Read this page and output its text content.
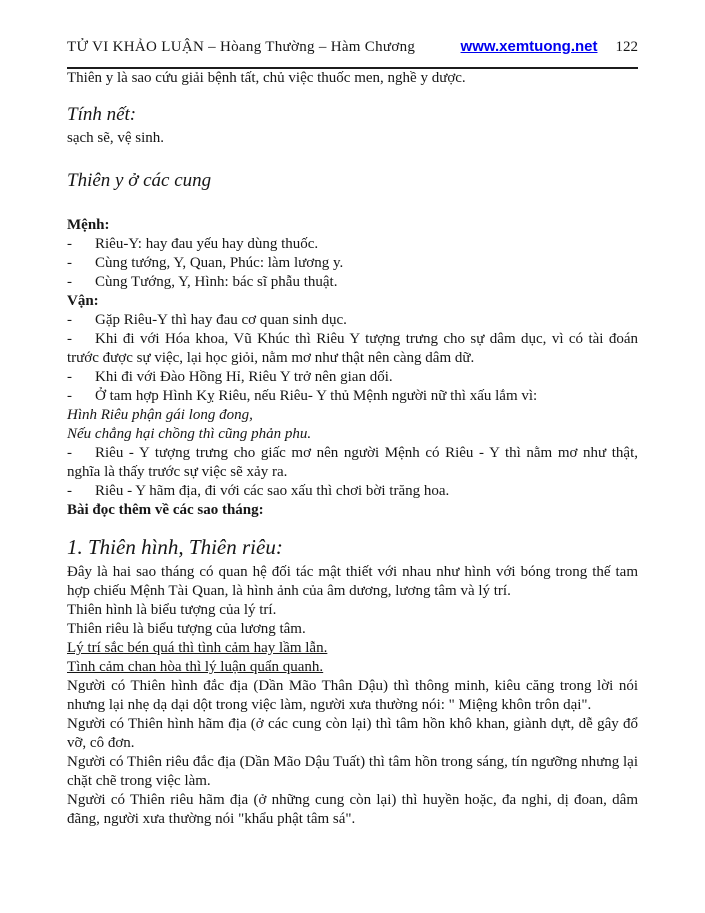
TỬ VI KHẢO LUẬN – Hòang Thường – Hàm Chương	www.xemtuong.net 122

Thiên y là sao cứu giải bệnh tất, chủ việc thuốc men, nghề y dược.

Tính nết:

sạch sẽ, vệ sinh.

Thiên y ở các cung

Mệnh:

- Riêu-Y: hay đau yếu hay dùng thuốc.

- Cùng tướng, Y, Quan, Phúc: làm lương y.

- Cùng Tướng, Y, Hình: bác sĩ phẫu thuật.

Vận:

- Gặp Riêu-Y thì hay đau cơ quan sinh dục.

- Khi đi với Hóa khoa, Vũ Khúc thì Riêu Y tượng trưng cho sự dâm dục, vì có tài đoán trước được sự việc, lại học giỏi, nằm mơ như thật nên càng dâm dữ.

- Khi đi với Đào Hồng Hỉ, Riêu Y trở nên gian dối.

- Ở tam hợp Hình Kỵ Riêu, nếu Riêu- Y thủ Mệnh người nữ thì xấu lắm vì:

Hình Riêu phận gái long đong,

Nếu chẳng hại chồng thì cũng phản phu.

- Riêu - Y tượng trưng cho giấc mơ nên người Mệnh có Riêu - Y thì nằm mơ như thật, nghĩa là thấy trước sự việc sẽ xảy ra.

- Riêu - Y hãm địa, đi với các sao xấu thì chơi bời trăng hoa.

Bài đọc thêm về các sao tháng:

1. Thiên hình, Thiên riêu:

Đây là hai sao tháng có quan hệ đối tác mật thiết với nhau như hình với bóng trong thế tam hợp chiếu Mệnh Tài Quan, là hình ảnh của âm dương, lương tâm và lý trí.

Thiên hình là biểu tượng của lý trí.

Thiên riêu là biểu tượng của lương tâm.

Lý trí sắc bén quá thì tình cảm hay lầm lẫn.

Tình cảm chan hòa thì lý luận quẩn quanh.

Người có Thiên hình đắc địa (Dần Mão Thân Dậu) thì thông minh, kiêu căng trong lời nói nhưng lại nhẹ dạ dại dột trong việc làm, người xưa thường nói: " Miệng khôn trôn dại".

Người có Thiên hình hãm địa (ở các cung còn lại) thì tâm hồn khô khan, giành dựt, dễ gây đổ vỡ, cô đơn.

Người có Thiên riêu đắc địa (Dần Mão Dậu Tuất) thì tâm hồn trong sáng, tín ngưỡng nhưng lại chặt chẽ trong việc làm.

Người có Thiên riêu hãm địa (ở những cung còn lại) thì huyền hoặc, đa nghi, dị đoan, dâm đãng, người xưa thường nói "khẩu phật tâm sá".
